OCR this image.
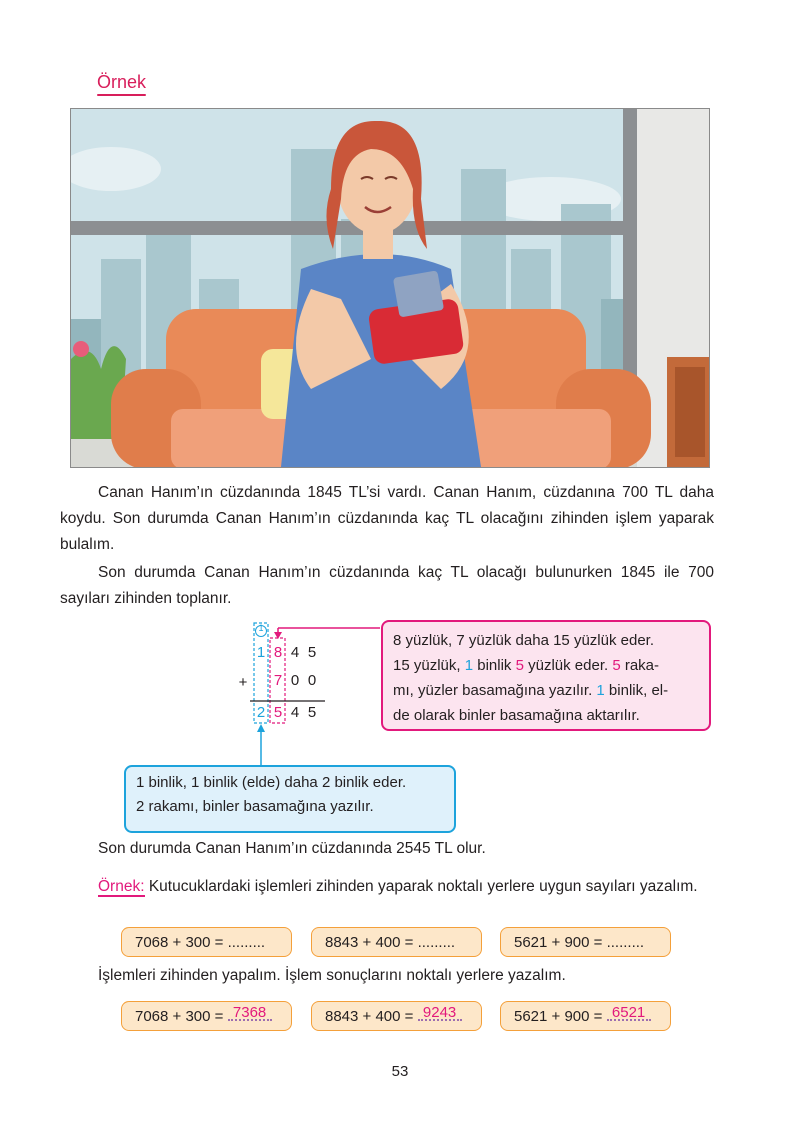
Örnek
Canan Hanım’ın cüzdanında 1845 TL’si vardı. Canan Hanım, cüzdanına 700 TL daha koydu. Son durumda Canan Hanım’ın cüzdanında kaç TL olacağını zihinden işlem yaparak bulalım.
Son durumda Canan Hanım’ın cüzdanında kaç TL olacağı bulunurken 1845 ile 700 sayıları zihinden toplanır.
1
1 8 4 5
+ 7 0 0
2 5 4 5
8 yüzlük, 7 yüzlük daha 15 yüzlük eder.
15 yüzlük, 1 binlik 5 yüzlük eder. 5 raka-
mı, yüzler basamağına yazılır. 1 binlik, el-
de olarak binler basamağına aktarılır.
1 binlik, 1 binlik (elde) daha 2 binlik eder.
2 rakamı, binler basamağına yazılır.
Son durumda Canan Hanım’ın cüzdanında 2545 TL olur.
Örnek: Kutucuklardaki işlemleri zihinden yaparak noktalı yerlere uygun sayıları yazalım.
7068 + 300 = .........	8843 + 400 = .........	5621 + 900 = .........
İşlemleri zihinden yapalım. İşlem sonuçlarını noktalı yerlere yazalım.
7068 + 300 = 7368	8843 + 400 = 9243	5621 + 900 = 6521
53
